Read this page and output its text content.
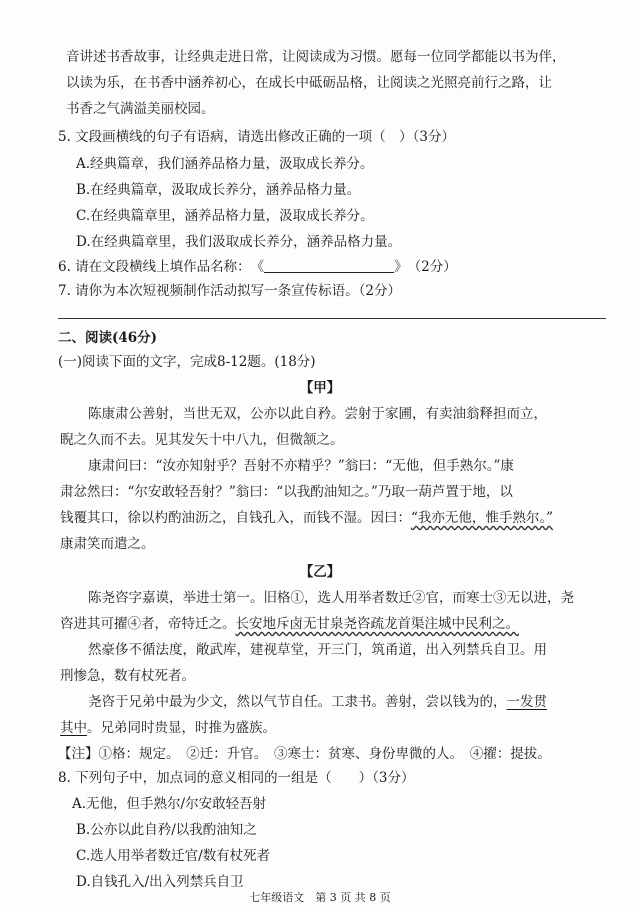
音讲述书香故事，让经典走进日常，让阅读成为习惯。愿每一位同学都能以书为伴，
以读为乐，在书香中涵养初心，在成长中砥砺品格，让阅读之光照亮前行之路，让
书香之气满溢美丽校园。
5. 文段画横线的句子有语病，请选出修改正确的一项（　）（3分）
A.经典篇章，我们涵养品格力量，汲取成长养分。
B.在经典篇章，汲取成长养分，涵养品格力量。
C.在经典篇章里，涵养品格力量，汲取成长养分。
D.在经典篇章里，我们汲取成长养分，涵养品格力量。
6. 请在文段横线上填作品名称：　《	》　（2分）
7. 请你为本次短视频制作活动拟写一条宣传标语。（2分）
二、阅读(46分)
(一)阅读下面的文字，完成8-12题。(18分)
【甲】
陈康肃公善射，当世无双，公亦以此自矜。尝射于家圃，有卖油翁释担而立，
睨之久而不去。见其发矢十中八九，但微颔之。
康肃问曰：“汝亦知射乎？吾射不亦精乎？”翁曰：“无他，但手熟尔。”康
肃忿然曰：“尔安敢轻吾射？”翁曰：“以我酌油知之。”乃取一葫芦置于地，以
钱覆其口，徐以杓酌油沥之，自钱孔入，而钱不湿。因曰：“我亦无他，惟手熟尔。”
康肃笑而遣之。
【乙】
陈尧咨字嘉谟，举进士第一。旧格①，选人用举者数迁②官，而寒士③无以进，尧
咨进其可擢④者，帝特迁之。长安地斥卤无甘泉尧咨疏龙首渠注城中民利之。
然豪侈不循法度，敞武库，建视草堂，开三门，筑甬道，出入列禁兵自卫。用
刑惨急，数有杖死者。
尧咨于兄弟中最为少文，然以气节自任。工隶书。善射，尝以钱为的，一发贯
其中。兄弟同时贵显，时推为盛族。
【注】①格：规定。　②迁：升官。　③寒士：贫寒、身份卑微的人。　④擢：提拔。
8. 下列句子中，加点词的意义相同的一组是（　　）（3分）
A.无他，但手熟尔/尔安敢轻吾射
B.公亦以此自矜/以我酌油知之
C.选人用举者数迁官/数有杖死者
D.自钱孔入/出入列禁兵自卫
七年级语文　第 3 页 共 8 页
